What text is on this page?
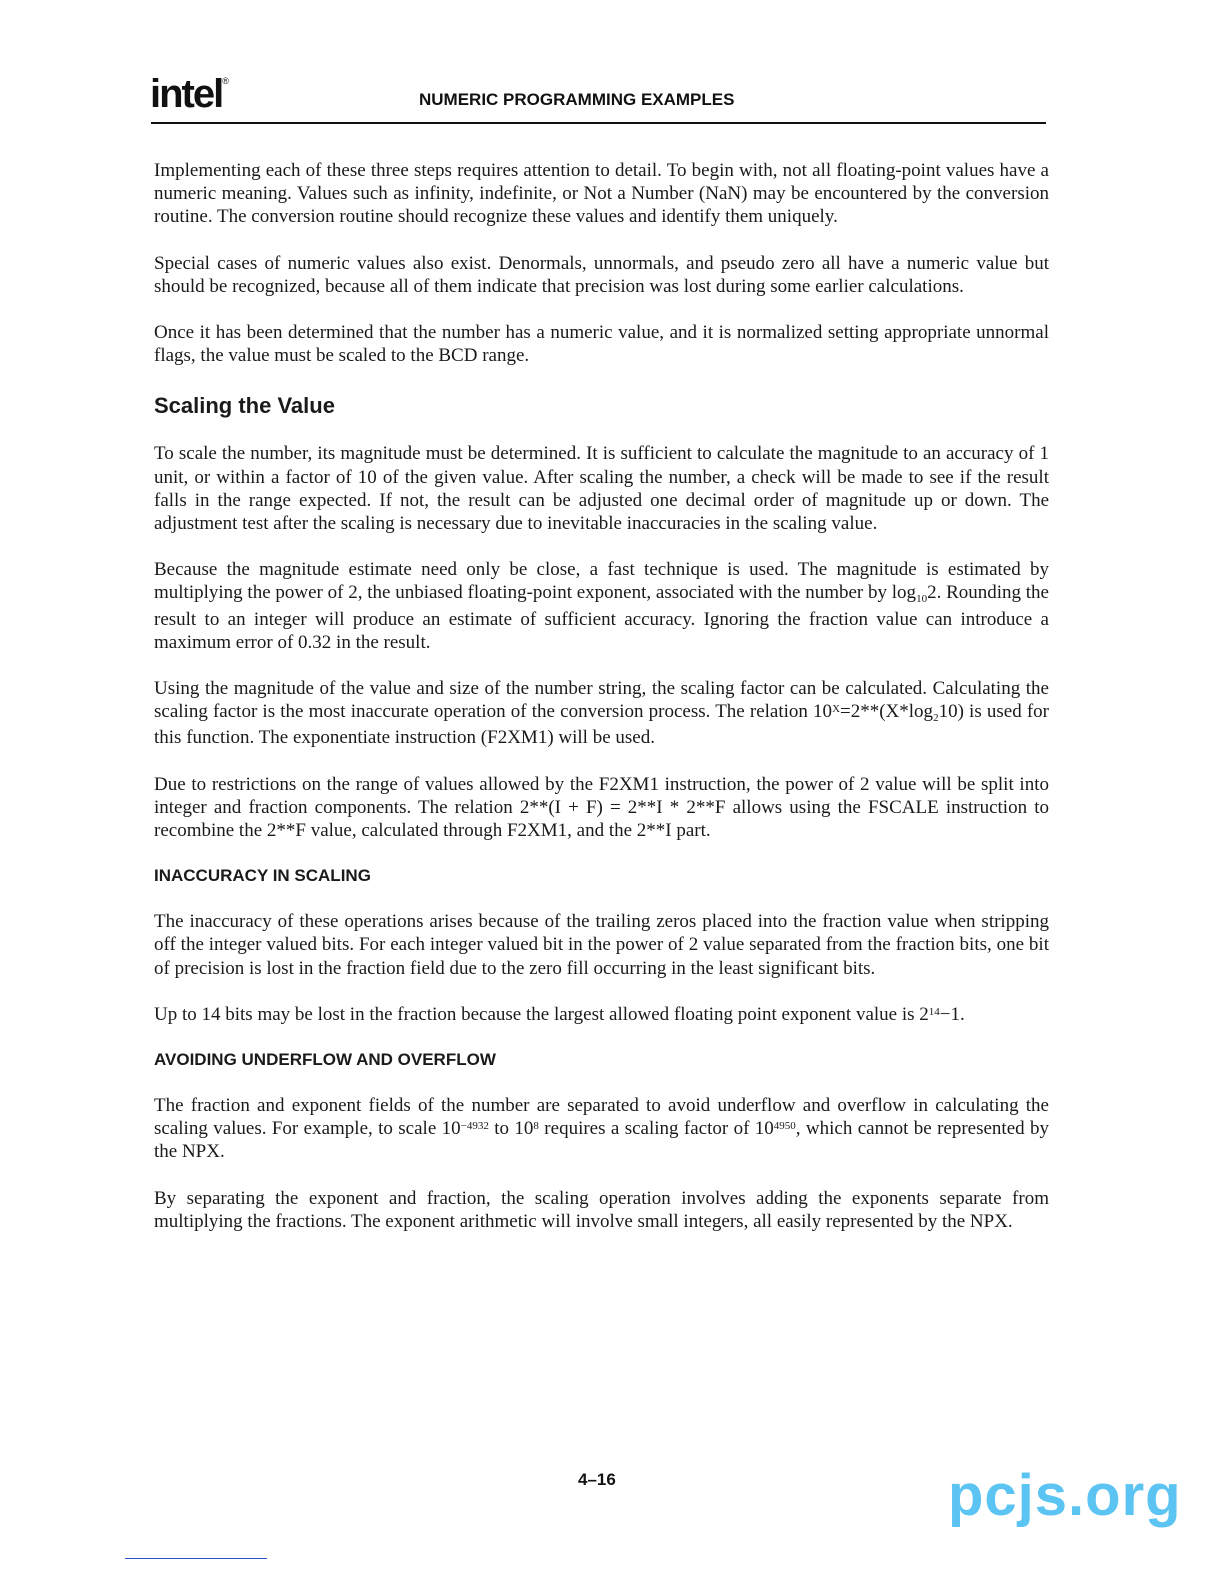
intel®
NUMERIC PROGRAMMING EXAMPLES

Implementing each of these three steps requires attention to detail. To begin with, not all floating-point values have a numeric meaning. Values such as infinity, indefinite, or Not a Number (NaN) may be encountered by the conversion routine. The conversion routine should recognize these values and identify them uniquely.

Special cases of numeric values also exist. Denormals, unnormals, and pseudo zero all have a numeric value but should be recognized, because all of them indicate that precision was lost during some earlier calculations.

Once it has been determined that the number has a numeric value, and it is normalized setting appropriate unnormal flags, the value must be scaled to the BCD range.

Scaling the Value

To scale the number, its magnitude must be determined. It is sufficient to calculate the magnitude to an accuracy of 1 unit, or within a factor of 10 of the given value. After scaling the number, a check will be made to see if the result falls in the range expected. If not, the result can be adjusted one decimal order of magnitude up or down. The adjustment test after the scaling is necessary due to inevitable inaccuracies in the scaling value.

Because the magnitude estimate need only be close, a fast technique is used. The magnitude is estimated by multiplying the power of 2, the unbiased floating-point exponent, associated with the number by $\log_{10}2$. Rounding the result to an integer will produce an estimate of sufficient accuracy. Ignoring the fraction value can introduce a maximum error of 0.32 in the result.

Using the magnitude of the value and size of the number string, the scaling factor can be calculated. Calculating the scaling factor is the most inaccurate operation of the conversion process. The relation $10^X=2**(X*\log_210)$ is used for this function. The exponentiate instruction (F2XM1) will be used.

Due to restrictions on the range of values allowed by the F2XM1 instruction, the power of 2 value will be split into integer and fraction components. The relation 2**(I + F) = 2**I * 2**F allows using the FSCALE instruction to recombine the 2**F value, calculated through F2XM1, and the 2**I part.

INACCURACY IN SCALING

The inaccuracy of these operations arises because of the trailing zeros placed into the fraction value when stripping off the integer valued bits. For each integer valued bit in the power of 2 value separated from the fraction bits, one bit of precision is lost in the fraction field due to the zero fill occurring in the least significant bits.

Up to 14 bits may be lost in the fraction because the largest allowed floating point exponent value is $2^{14}-1$.

AVOIDING UNDERFLOW AND OVERFLOW

The fraction and exponent fields of the number are separated to avoid underflow and overflow in calculating the scaling values. For example, to scale $10^{-4932}$ to $10^8$ requires a scaling factor of $10^{4950}$, which cannot be represented by the NPX.

By separating the exponent and fraction, the scaling operation involves adding the exponents separate from multiplying the fractions. The exponent arithmetic will involve small integers, all easily represented by the NPX.

4–16	pcjs.org
